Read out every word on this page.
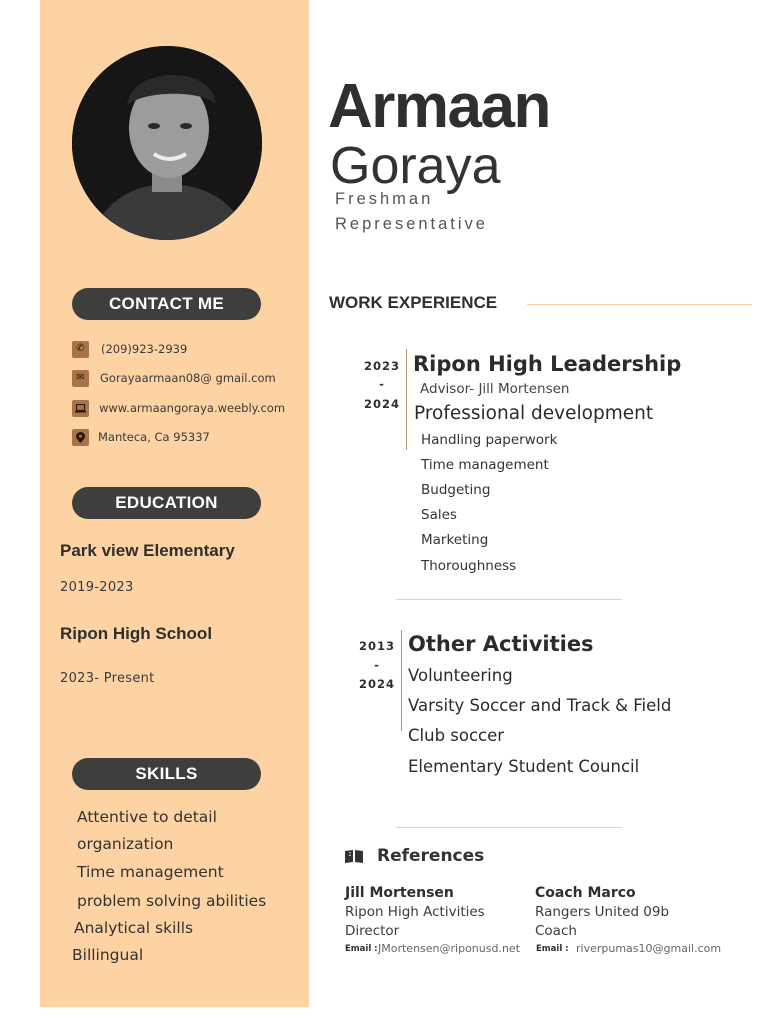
CONTACT ME
✆	(209)923-2939
✉	Gorayaarmaan08@ gmail.com
www.armaangoraya.weebly.com
Manteca, Ca 95337
EDUCATION
Park view Elementary
2019-2023
Ripon High School
2023- Present
SKILLS
Attentive to detail
organization
Time management
problem solving abilities
Analytical skills
Billingual
Armaan
Goraya
Freshman
Representative
WORK EXPERIENCE
2023
-
2024
Ripon High Leadership
Advisor- Jill Mortensen
Professional development
Handling paperwork
Time management
Budgeting
Sales
Marketing
Thoroughness
2013
-
2024
Other Activities
Volunteering
Varsity Soccer and Track & Field
Club soccer
Elementary Student Council
References
Jill Mortensen
Ripon High Activities
Director
Email : JMortensen@riponusd.net
Coach Marco
Rangers United 09b
Coach
Email : riverpumas10@gmail.com
